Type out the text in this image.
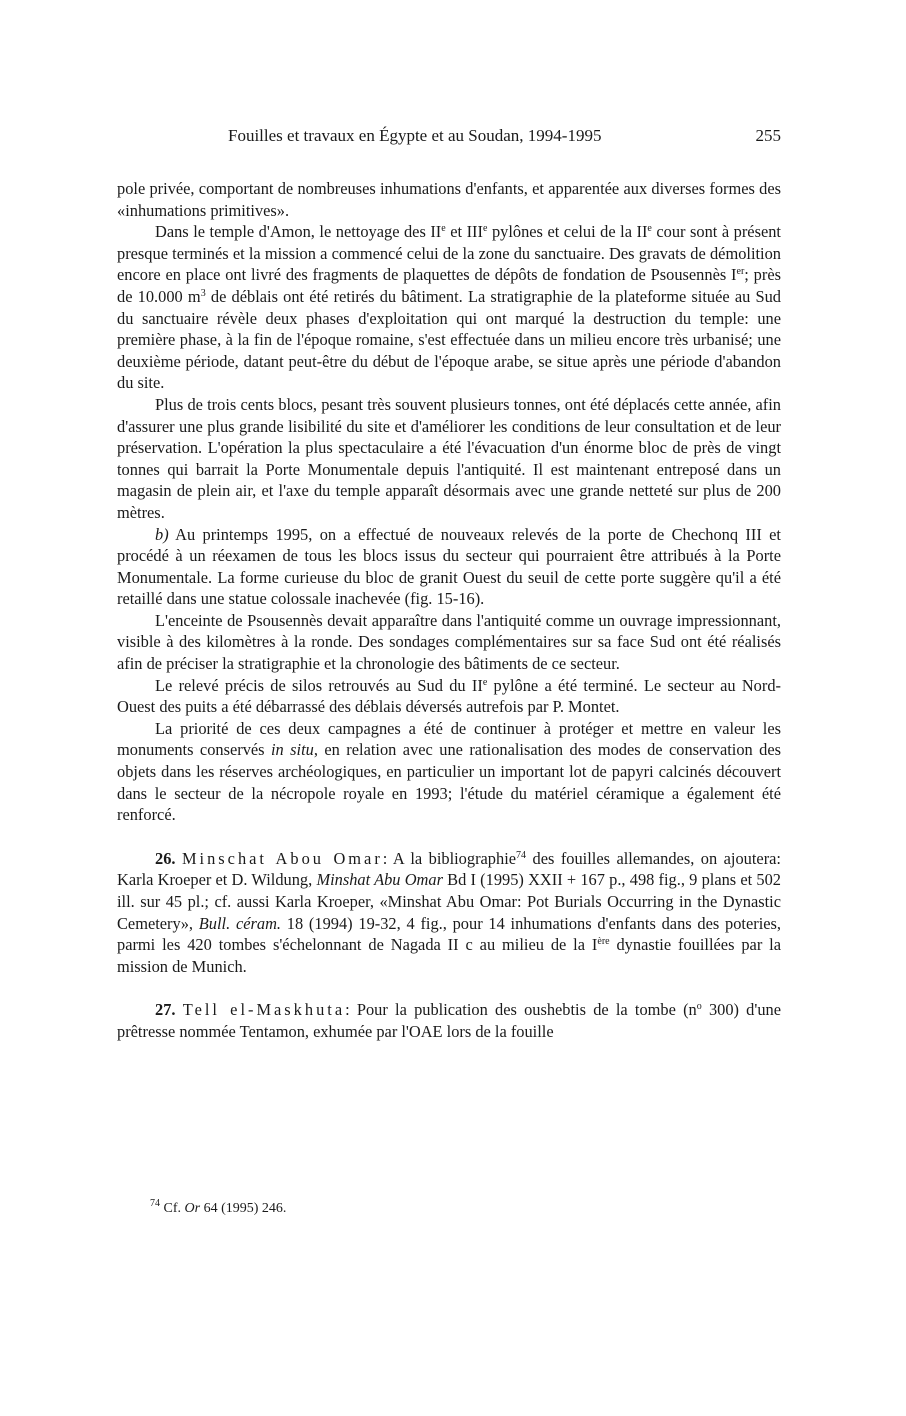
Fouilles et travaux en Égypte et au Soudan, 1994-1995	255

pole privée, comportant de nombreuses inhumations d'enfants, et apparentée aux diverses formes des «inhumations primitives».

Dans le temple d'Amon, le nettoyage des IIe et IIIe pylônes et celui de la IIe cour sont à présent presque terminés et la mission a commencé celui de la zone du sanctuaire. Des gravats de démolition encore en place ont livré des fragments de plaquettes de dépôts de fondation de Psousennès Ier; près de 10.000 $m^3$ de déblais ont été retirés du bâtiment. La stratigraphie de la plateforme située au Sud du sanctuaire révèle deux phases d'exploitation qui ont marqué la destruction du temple: une première phase, à la fin de l'époque romaine, s'est effectuée dans un milieu encore très urbanisé; une deuxième période, datant peut-être du début de l'époque arabe, se situe après une période d'abandon du site.

Plus de trois cents blocs, pesant très souvent plusieurs tonnes, ont été déplacés cette année, afin d'assurer une plus grande lisibilité du site et d'améliorer les conditions de leur consultation et de leur préservation. L'opération la plus spectaculaire a été l'évacuation d'un énorme bloc de près de vingt tonnes qui barrait la Porte Monumentale depuis l'antiquité. Il est maintenant entreposé dans un magasin de plein air, et l'axe du temple apparaît désormais avec une grande netteté sur plus de 200 mètres.

b) Au printemps 1995, on a effectué de nouveaux relevés de la porte de Chechonq III et procédé à un réexamen de tous les blocs issus du secteur qui pourraient être attribués à la Porte Monumentale. La forme curieuse du bloc de granit Ouest du seuil de cette porte suggère qu'il a été retaillé dans une statue colossale inachevée (fig. 15-16).

L'enceinte de Psousennès devait apparaître dans l'antiquité comme un ouvrage impressionnant, visible à des kilomètres à la ronde. Des sondages complémentaires sur sa face Sud ont été réalisés afin de préciser la stratigraphie et la chronologie des bâtiments de ce secteur.

Le relevé précis de silos retrouvés au Sud du IIe pylône a été terminé. Le secteur au Nord-Ouest des puits a été débarrassé des déblais déversés autrefois par P. Montet.

La priorité de ces deux campagnes a été de continuer à protéger et mettre en valeur les monuments conservés in situ, en relation avec une rationalisation des modes de conservation des objets dans les réserves archéologiques, en particulier un important lot de papyri calcinés découvert dans le secteur de la nécropole royale en 1993; l'étude du matériel céramique a également été renforcé.

26. Minschat Abou Omar: A la bibliographie$^{74}$ des fouilles allemandes, on ajoutera: Karla Kroeper et D. Wildung, Minshat Abu Omar Bd I (1995) XXII + 167 p., 498 fig., 9 plans et 502 ill. sur 45 pl.; cf. aussi Karla Kroeper, «Minshat Abu Omar: Pot Burials Occurring in the Dynastic Cemetery», Bull. céram. 18 (1994) 19-32, 4 fig., pour 14 inhumations d'enfants dans des poteries, parmi les 420 tombes s'échelonnant de Nagada II c au milieu de la Ière dynastie fouillées par la mission de Munich.

27. Tell el-Maskhuta: Pour la publication des oushebtis de la tombe ($n^o$ 300) d'une prêtresse nommée Tentamon, exhumée par l'OAE lors de la fouille

$^{74}$ Cf. Or 64 (1995) 246.
